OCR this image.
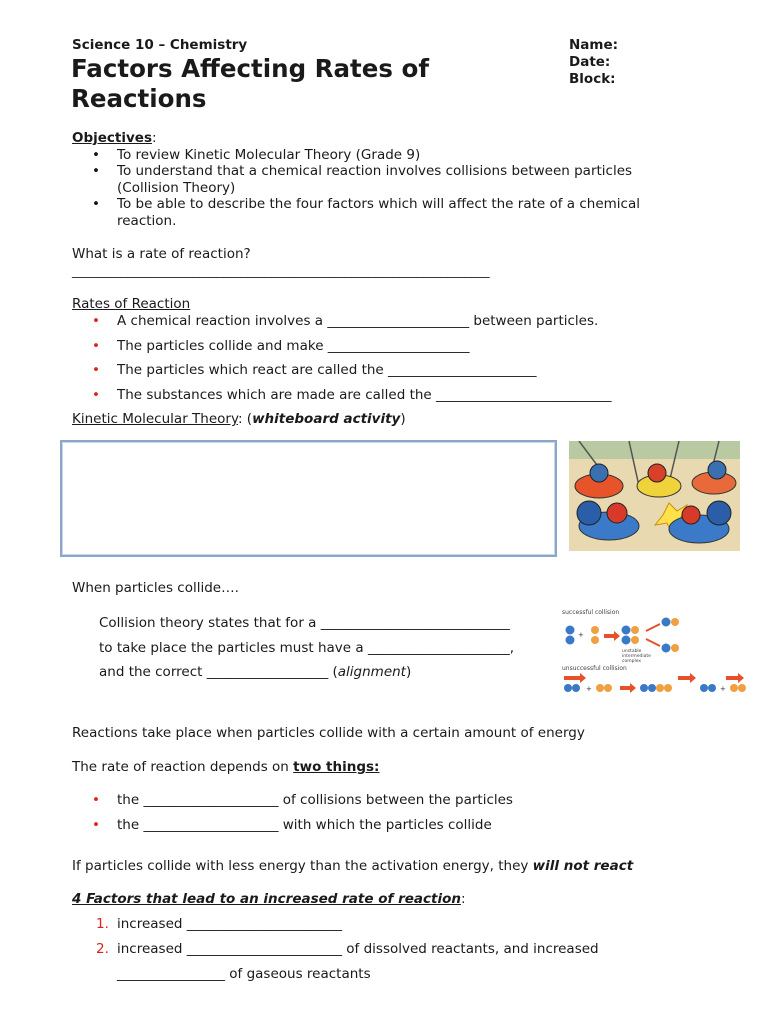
Science 10 – Chemistry
Factors Affecting Rates of Reactions
Name:
Date:
Block:
Objectives:
• To review Kinetic Molecular Theory (Grade 9)
• To understand that a chemical reaction involves collisions between particles
(Collision Theory)
• To be able to describe the four factors which will affect the rate of a chemical
reaction.
What is a rate of reaction?
_____________________________________________________________________
Rates of Reaction
• A chemical reaction involves a _____________________ between particles.
• The particles collide and make _____________________
• The particles which react are called the ______________________
• The substances which are made are called the __________________________
Kinetic Molecular Theory: (whiteboard activity)
When particles collide….
Collision theory states that for a ____________________________
to take place the particles must have a _____________________,
and the correct __________________ (alignment)
successful collision
+
unstable
intermediate
complex
unsuccessful collision
+	+
Reactions take place when particles collide with a certain amount of energy
The rate of reaction depends on two things:
• the ____________________ of collisions between the particles
• the ____________________ with which the particles collide
If particles collide with less energy than the activation energy, they will not react
4 Factors that lead to an increased rate of reaction:
1. increased _______________________
2. increased _______________________ of dissolved reactants, and increased
________________ of gaseous reactants
